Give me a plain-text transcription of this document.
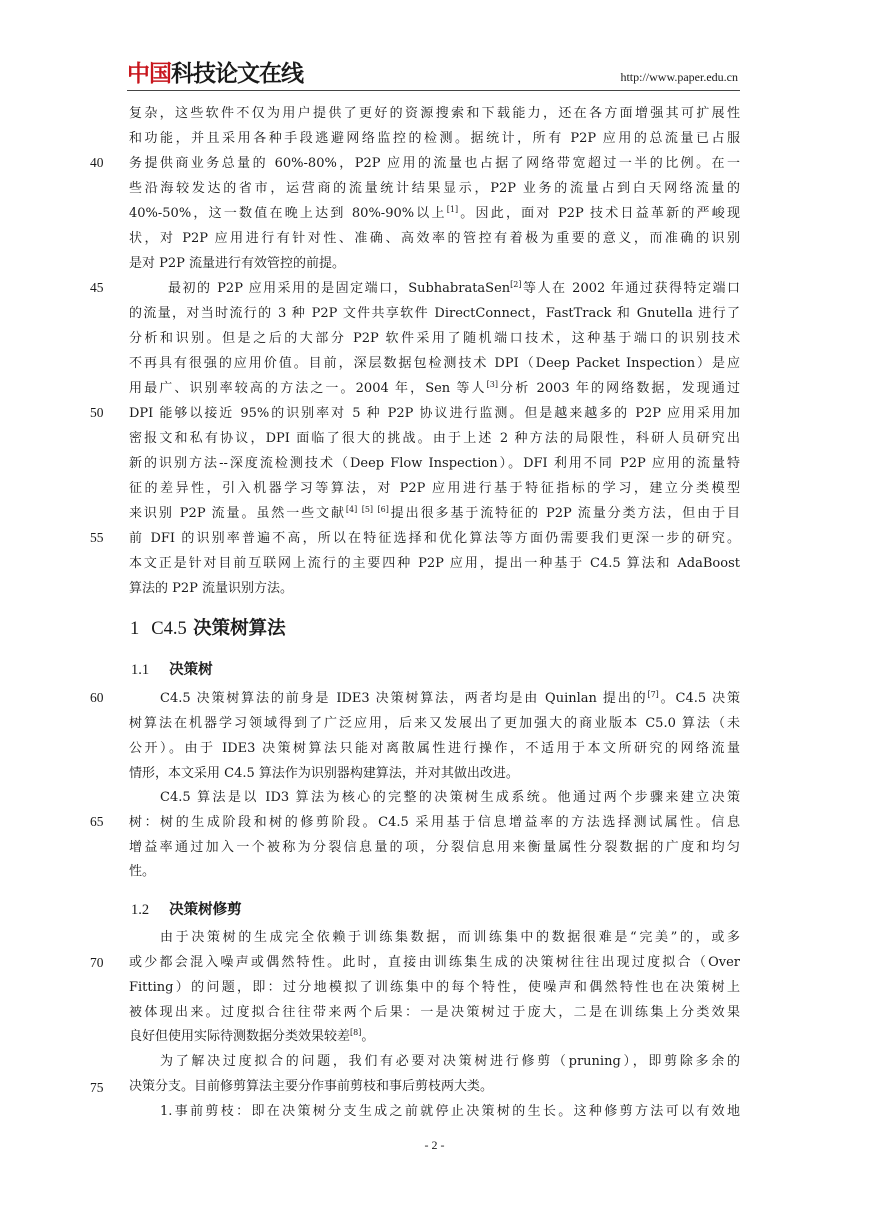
中国科技论文在线	http://www.paper.edu.cn
40
45
50
55
60
65
70
75
复杂，这些软件不仅为用户提供了更好的资源搜索和下载能力，还在各方面增强其可扩展性
和功能，并且采用各种手段逃避网络监控的检测。据统计，所有 P2P 应用的总流量已占服
务提供商业务总量的 60%-80%，P2P 应用的流量也占据了网络带宽超过一半的比例。在一
些沿海较发达的省市，运营商的流量统计结果显示，P2P 业务的流量占到白天网络流量的
40%-50%，这一数值在晚上达到 80%-90%以上[1]。因此，面对 P2P 技术日益革新的严峻现
状，对 P2P 应用进行有针对性、准确、高效率的管控有着极为重要的意义，而准确的识别
是对 P2P 流量进行有效管控的前提。
最初的 P2P 应用采用的是固定端口，SubhabrataSen[2]等人在 2002 年通过获得特定端口
的流量，对当时流行的 3 种 P2P 文件共享软件 DirectConnect，FastTrack 和 Gnutella 进行了
分析和识别。但是之后的大部分 P2P 软件采用了随机端口技术，这种基于端口的识别技术
不再具有很强的应用价值。目前，深层数据包检测技术 DPI（Deep Packet Inspection）是应
用最广、识别率较高的方法之一。2004 年，Sen 等人[3]分析 2003 年的网络数据，发现通过
DPI 能够以接近 95%的识别率对 5 种 P2P 协议进行监测。但是越来越多的 P2P 应用采用加
密报文和私有协议，DPI 面临了很大的挑战。由于上述 2 种方法的局限性，科研人员研究出
新的识别方法--深度流检测技术（Deep Flow Inspection）。DFI 利用不同 P2P 应用的流量特
征的差异性，引入机器学习等算法，对 P2P 应用进行基于特征指标的学习，建立分类模型
来识别 P2P 流量。虽然一些文献[4] [5] [6]提出很多基于流特征的 P2P 流量分类方法，但由于目
前 DFI 的识别率普遍不高，所以在特征选择和优化算法等方面仍需要我们更深一步的研究。
本文正是针对目前互联网上流行的主要四种 P2P 应用，提出一种基于 C4.5 算法和 AdaBoost
算法的 P2P 流量识别方法。
1 C4.5 决策树算法
1.1 决策树
C4.5 决策树算法的前身是 IDE3 决策树算法，两者均是由 Quinlan 提出的[7]。C4.5 决策
树算法在机器学习领域得到了广泛应用，后来又发展出了更加强大的商业版本 C5.0 算法（未
公开）。由于 IDE3 决策树算法只能对离散属性进行操作，不适用于本文所研究的网络流量
情形，本文采用 C4.5 算法作为识别器构建算法，并对其做出改进。
C4.5 算法是以 ID3 算法为核心的完整的决策树生成系统。他通过两个步骤来建立决策
树：树的生成阶段和树的修剪阶段。C4.5 采用基于信息增益率的方法选择测试属性。信息
增益率通过加入一个被称为分裂信息量的项，分裂信息用来衡量属性分裂数据的广度和均匀
性。
1.2 决策树修剪
由于决策树的生成完全依赖于训练集数据，而训练集中的数据很难是“完美”的，或多
或少都会混入噪声或偶然特性。此时，直接由训练集生成的决策树往往出现过度拟合（Over
Fitting）的问题，即：过分地模拟了训练集中的每个特性，使噪声和偶然特性也在决策树上
被体现出来。过度拟合往往带来两个后果：一是决策树过于庞大，二是在训练集上分类效果
良好但使用实际待测数据分类效果较差[8]。
为了解决过度拟合的问题，我们有必要对决策树进行修剪（pruning），即剪除多余的
决策分支。目前修剪算法主要分作事前剪枝和事后剪枝两大类。
1.事前剪枝：即在决策树分支生成之前就停止决策树的生长。这种修剪方法可以有效地
- 2 -
